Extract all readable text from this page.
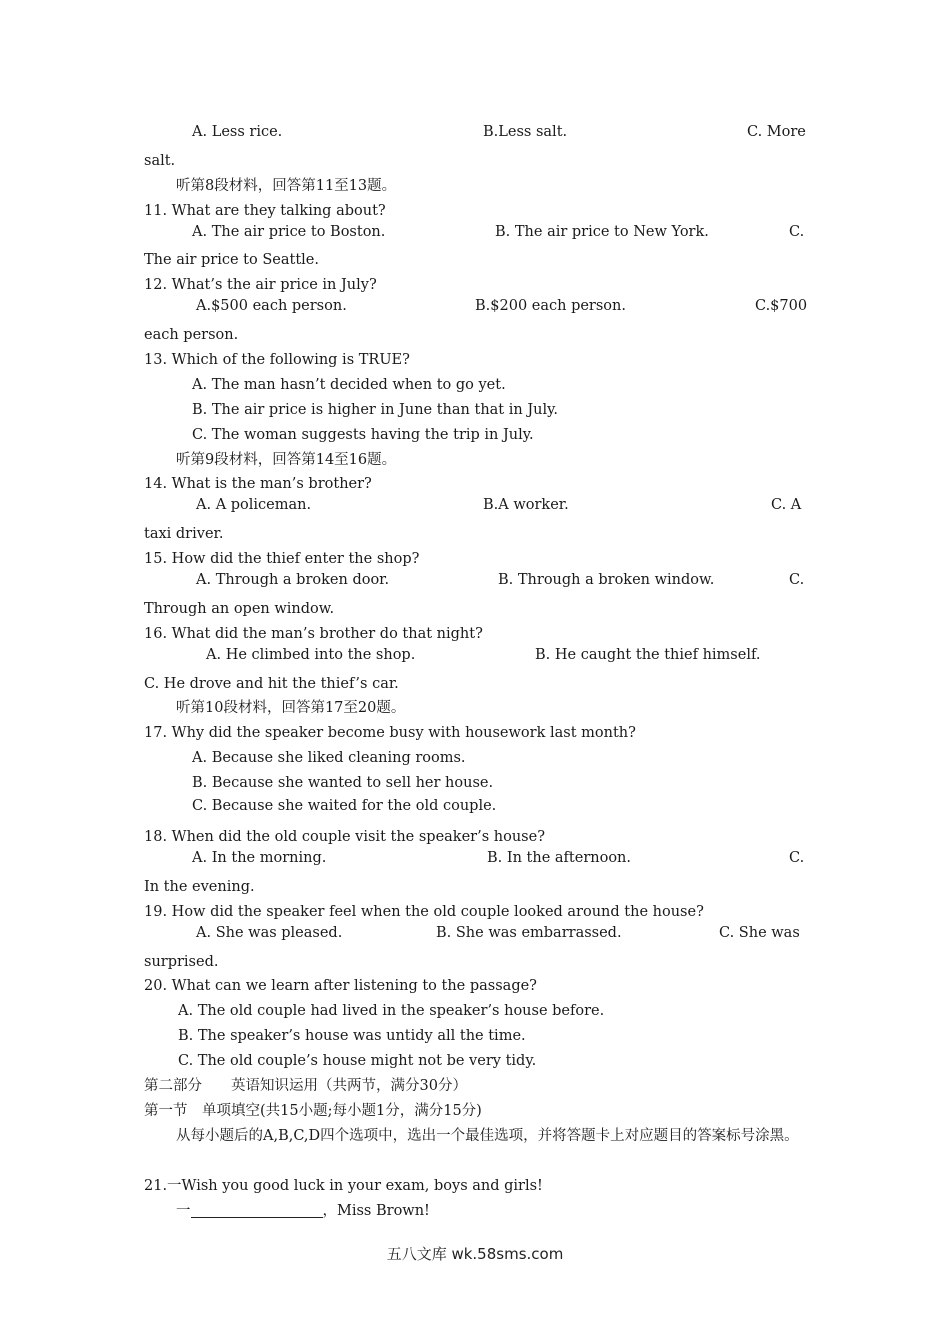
A. Less rice.	B.Less salt.	C. More
salt.
听第8段材料，回答第11至13题。
11. What are they talking about?
A. The air price to Boston.	B. The air price to New York.	C.
The air price to Seattle.
12. What’s the air price in July?
A.$500 each person.	B.$200 each person.	C.$700
each person.
13. Which of the following is TRUE?
A. The man hasn’t decided when to go yet.
B. The air price is higher in June than that in July.
C. The woman suggests having the trip in July.
听第9段材料，回答第14至16题。
14. What is the man’s brother?
A. A policeman.	B.A worker.	C. A
taxi driver.
15. How did the thief enter the shop?
A. Through a broken door.	B. Through a broken window.	C.
Through an open window.
16. What did the man’s brother do that night?
A. He climbed into the shop.	B. He caught the thief himself.
C. He drove and hit the thief’s car.
听第10段材料，回答第17至20题。
17. Why did the speaker become busy with housework last month?
A. Because she liked cleaning rooms.
B. Because she wanted to sell her house.
C. Because she waited for the old couple.
18. When did the old couple visit the speaker’s house?
A. In the morning.	B. In the afternoon.	C.
In the evening.
19. How did the speaker feel when the old couple looked around the house?
A. She was pleased.	B. She was embarrassed.	C. She was
surprised.
20. What can we learn after listening to the passage?
A. The old couple had lived in the speaker’s house before.
B. The speaker’s house was untidy all the time.
C. The old couple’s house might not be very tidy.
第二部分　　英语知识运用（共两节，满分30分）
第一节　单项填空(共15小题;每小题1分，满分15分)
从每小题后的A,B,C,D四个选项中，选出一个最佳选项，并将答题卡上对应题目的答案标号涂黑。
21.一Wish you good luck in your exam, boys and girls!
一	，Miss Brown!
五八文库 wk.58sms.com
